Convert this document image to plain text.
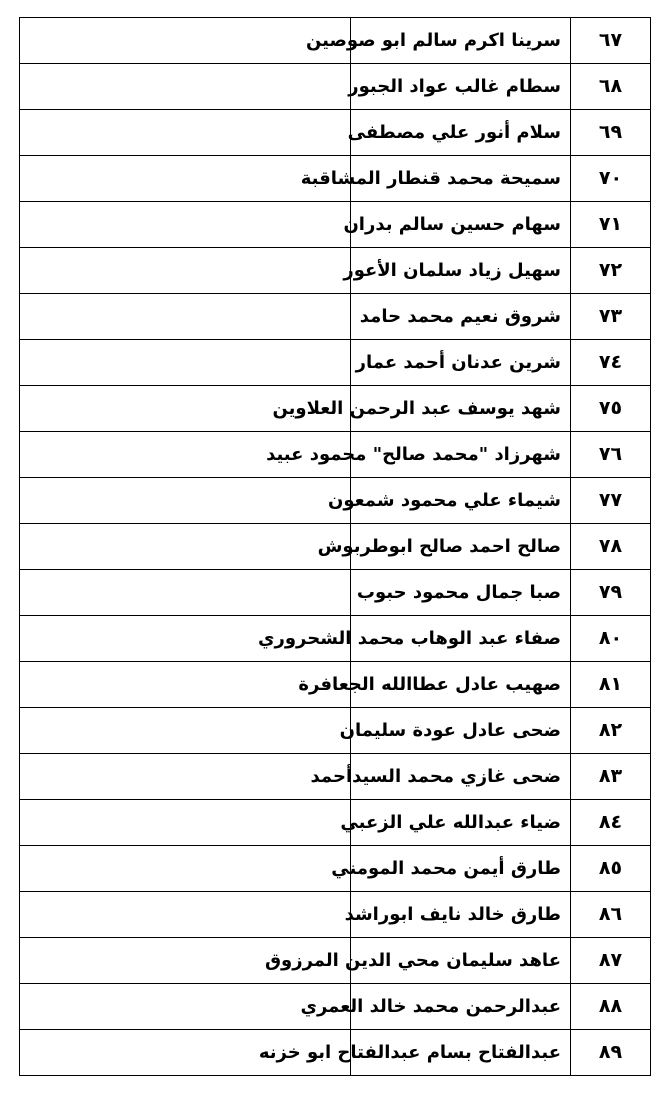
٦٧	سرينا اكرم سالم ابو صوصين	
٦٨	سطام غالب عواد الجبور	
٦٩	سلام أنور علي مصطفى	
٧٠	سميحة محمد قنطار المشاقبة	
٧١	سهام حسين سالم بدران	
٧٢	سهيل زياد سلمان الأعور	
٧٣	شروق نعيم محمد حامد	
٧٤	شرين عدنان أحمد عمار	
٧٥	شهد يوسف عبد الرحمن العلاوين	
٧٦	شهرزاد "محمد صالح" محمود عبيد	
٧٧	شيماء علي محمود شمعون	
٧٨	صالح احمد صالح ابوطربوش	
٧٩	صبا جمال محمود حبوب	
٨٠	صفاء عبد الوهاب محمد الشحروري	
٨١	صهيب عادل عطاالله الجعافرة	
٨٢	ضحى عادل عودة سليمان	
٨٣	ضحى غازي محمد السيدأحمد	
٨٤	ضياء عبدالله علي الزعبي	
٨٥	طارق أيمن محمد المومني	
٨٦	طارق خالد نايف ابوراشد	
٨٧	عاهد سليمان محي الدين المرزوق	
٨٨	عبدالرحمن محمد خالد العمري	
٨٩	عبدالفتاح بسام عبدالفتاح ابو خزنه	
